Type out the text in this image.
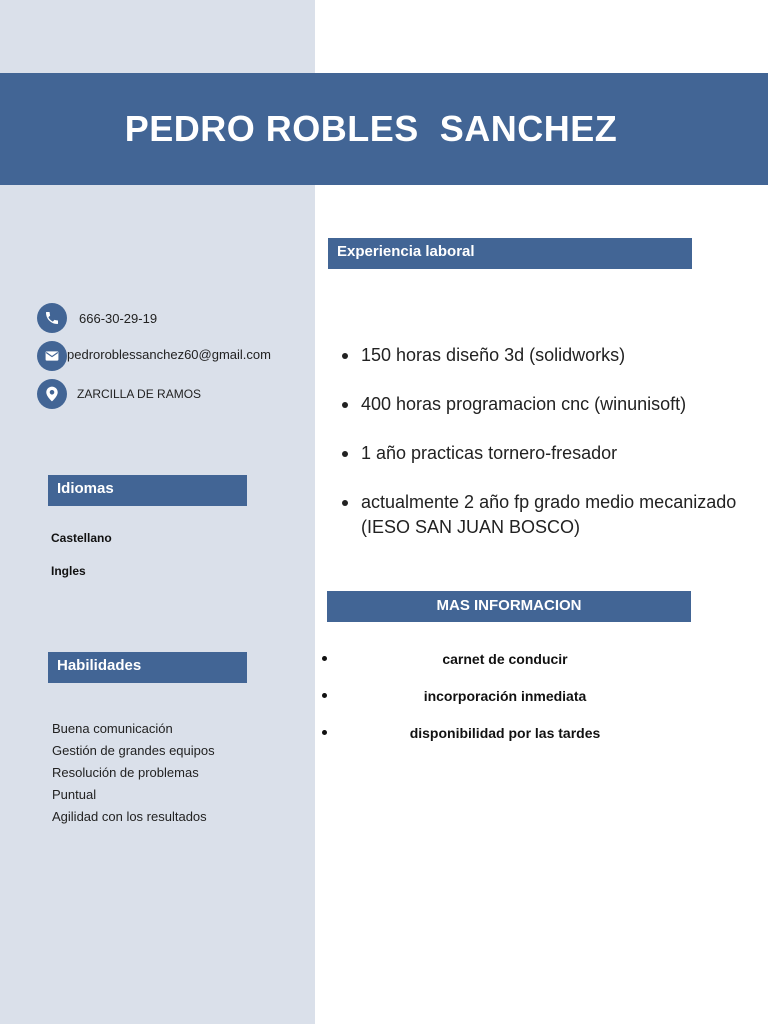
PEDRO ROBLES  SANCHEZ
666-30-29-19
pedroroblessanchez60@gmail.com
ZARCILLA DE RAMOS
Idiomas
Castellano
Ingles
Habilidades
Buena comunicación
Gestión de grandes equipos
Resolución de problemas
Puntual
Agilidad con los resultados
Experiencia laboral
150 horas diseño 3d (solidworks)
400 horas programacion cnc (winunisoft)
1 año practicas tornero-fresador
actualmente 2 año fp grado medio mecanizado (IESO SAN JUAN BOSCO)
MAS INFORMACION
carnet de conducir
incorporación inmediata
disponibilidad por las tardes
